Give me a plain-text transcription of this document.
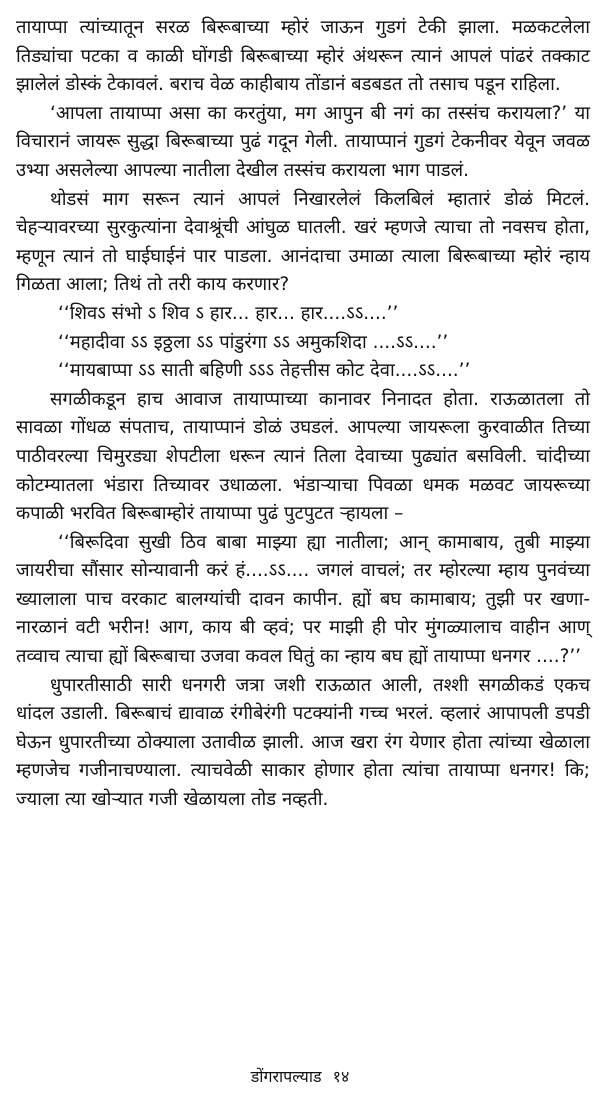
तायाप्पा त्यांच्यातून सरळ बिरूबाच्या म्होरं जाऊन गुडगं टेकी झाला. मळकटलेला तिड्यांचा पटका व काळी घोंगडी बिरूबाच्या म्होरं अंथरून त्यानं आपलं पांढरं तक्काट झालेलं डोस्कं टेकावलं. बराच वेळ काहीबाय तोंडानं बडबडत तो तसाच पडून राहिला.

‘आपला तायाप्पा असा का करतुंया, मग आपुन बी नगं का तस्संच करायला?’ या विचारानं जायरू सुद्धा बिरूबाच्या पुढं गदून गेली. तायाप्पानं गुडगं टेकनीवर येवून जवळ उभ्या असलेल्या आपल्या नातीला देखील तस्संच करायला भाग पाडलं.

थोडसं माग सरून त्यानं आपलं निखारलेलं किलबिलं म्हातारं डोळं मिटलं. चेहऱ्यावरच्या सुरकुत्यांना देवाश्रूंची आंघुळ घातली. खरं म्हणजे त्याचा तो नवसच होता, म्हणून त्यानं तो घाईघाईनं पार पाडला. आनंदाचा उमाळा त्याला बिरूबाच्या म्होरं न्हाय गिळता आला; तिथं तो तरी काय करणार?

‘‘शिवऽ संभो ऽ शिव ऽ हार... हार... हार....ऽऽ....’’

‘‘महादीवा ऽऽ इठ्ठला ऽऽ पांडुरंगा ऽऽ अमुकशिदा ....ऽऽ....’’

‘‘मायबाप्पा ऽऽ साती बहिणी ऽऽऽ तेहत्तीस कोट देवा....ऽऽ....’’

सगळीकडून हाच आवाज तायाप्पाच्या कानावर निनादत होता. राऊळातला तो सावळा गोंधळ संपताच, तायाप्पानं डोळं उघडलं. आपल्या जायरूला कुरवाळीत तिच्या पाठीवरल्या चिमुरड्या शेपटीला धरून त्यानं तिला देवाच्या पुढ्यांत बसविली. चांदीच्या कोटम्यातला भंडारा तिच्यावर उधाळला. भंडाऱ्याचा पिवळा धमक मळवट जायरूच्या कपाळी भरवित बिरूबाम्होरं तायाप्पा पुढं पुटपुटत ऱ्हायला –

‘‘बिरूदिवा सुखी ठिव बाबा माझ्या ह्या नातीला; आन् कामाबाय, तुबी माझ्या जायरीचा सौंसार सोन्यावानी करं हं....ऽऽ.... जगलं वाचलं; तर म्होरल्या म्हाय पुनवंच्या ख्यालाला पाच वरकाट बालग्यांची दावन कापीन. ह्यों बघ कामाबाय; तुझी पर खणा-नारळानं वटी भरीन! आग, काय बी व्हवं; पर माझी ही पोर मुंगळ्यालाच वाहीन आण् तव्वाच त्याचा ह्यों बिरूबाचा उजवा कवल घितुं का न्हाय बघ ह्यों तायाप्पा धनगर ....?’’

धुपारतीसाठी सारी धनगरी जत्रा जशी राऊळात आली, तश्शी सगळीकडं एकच धांदल उडाली. बिरूबाचं द्यावाळ रंगीबेरंगी पटक्यांनी गच्च भरलं. व्हलारं आपापली डपडी घेऊन धुपारतीच्या ठोक्याला उतावीळ झाली. आज खरा रंग येणार होता त्यांच्या खेळाला म्हणजेच गजीनाचण्याला. त्याचवेळी साकार होणार होता त्यांचा तायाप्पा धनगर! कि; ज्याला त्या खोऱ्यात गजी खेळायला तोड नव्हती.

डोंगरापल्याड १४
